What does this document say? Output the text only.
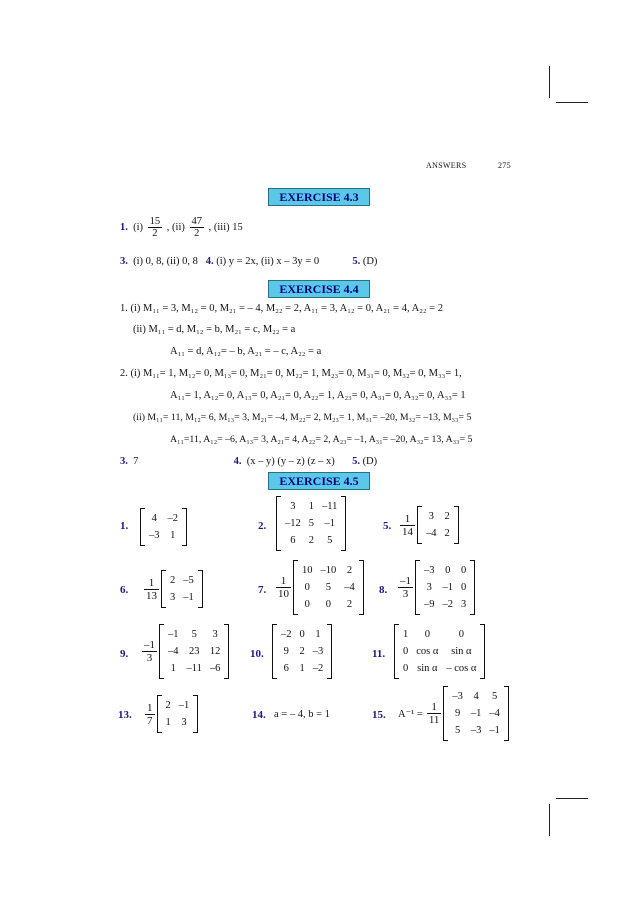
ANSWERS	275
EXERCISE 4.3
1. $(i) \frac{15}{2}$ , $(ii) \frac{47}{2}$ , (iii) 15
3. (i) 0, 8, (ii) 0, 8 4. (i) y = 2x, (ii) x – 3y = 0	5. (D)
EXERCISE 4.4
1. (i) M₁₁ = 3, M₁₂ = 0, M₂₁ = – 4, M₂₂ = 2, A₁₁ = 3, A₁₂ = 0, A₂₁ = 4, A₂₂ = 2
(ii) M₁₁ = d, M₁₂ = b, M₂₁ = c, M₂₂ = a
A₁₁ = d, A₁₂= – b, A₂₁ = – c, A₂₂ = a
2. (i) M₁₁= 1, M₁₂= 0, M₁₃= 0, M₂₁= 0, M₂₂= 1, M₂₃= 0, M₃₁= 0, M₃₂= 0, M₃₃= 1,
A₁₁= 1, A₁₂= 0, A₁₃= 0, A₂₁= 0, A₂₂= 1, A₂₃= 0, A₃₁= 0, A₃₂= 0, A₃₃= 1
(ii) M₁₁= 11, M₁₂= 6, M₁₃= 3, M₂₁= –4, M₂₂= 2, M₂₃= 1, M₃₁= –20, M₃₂= –13, M₃₃= 5
A₁₁=11, A₁₂= –6, A₁₃= 3, A₂₁= 4, A₂₂= 2, A₂₃= –1, A₃₁= –20, A₃₂= 13, A₃₃= 5
3. 7	4. (x – y) (y – z) (z – x) 5. (D)
EXERCISE 4.5
1.
4	–2
–3	1
2.
3	1	–11
–12	5	–1
6	2	5
5. $\frac{1}{14} 3$	2
–4	2
6. $\frac{1}{13} 2$	–5
3	–1
7. $\frac{1}{10}$
10	–10	2
0	5	–4
0	0	2
8. $\frac{-1}{3}$
–3	0	0
3	–1	0
–9	–2	3
9. $\frac{-1}{3}$
–1	5	3
–4	23	12
1	–11	–6
10.
–2	0	1
9	2	–3
6	1	–2
11.
1	0	0
0	cos α	sin α
0	sin α	– cos α
13. $\frac{1}{7} 2$	–1
1	3
14. a = – 4, b = 1	15. $A^{-1} = \frac{1}{11}$
–3	4	5
9	–1	–4
5	–3	–1
